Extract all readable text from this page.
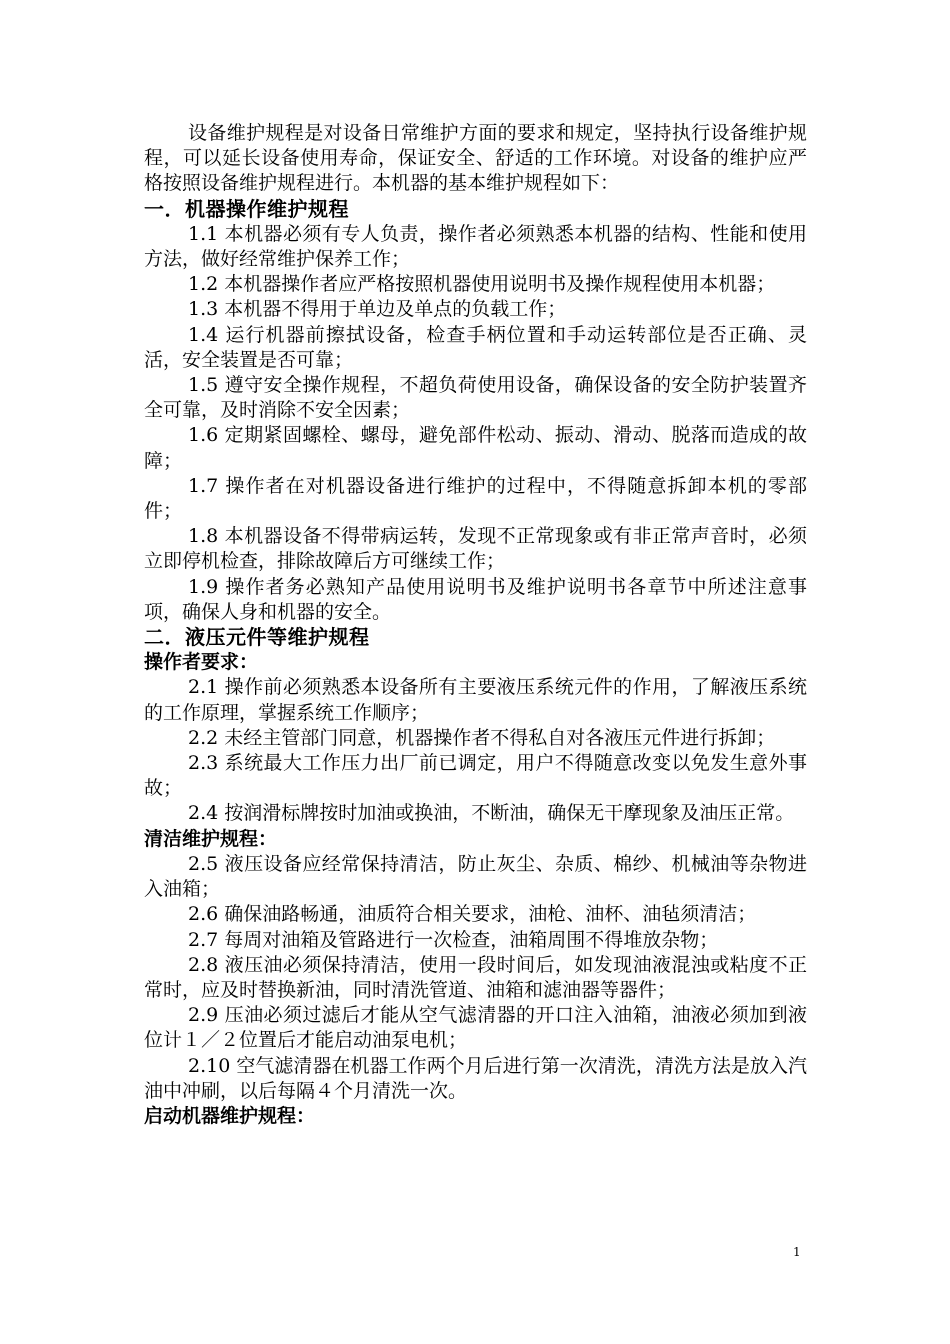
设备维护规程是对设备日常维护方面的要求和规定，坚持执行设备维护规程，可以延长设备使用寿命，保证安全、舒适的工作环境。对设备的维护应严格按照设备维护规程进行。本机器的基本维护规程如下：

一．机器操作维护规程

1.1 本机器必须有专人负责，操作者必须熟悉本机器的结构、性能和使用方法，做好经常维护保养工作；

1.2 本机器操作者应严格按照机器使用说明书及操作规程使用本机器；

1.3 本机器不得用于单边及单点的负载工作；

1.4 运行机器前擦拭设备，检查手柄位置和手动运转部位是否正确、灵活，安全装置是否可靠；

1.5 遵守安全操作规程，不超负荷使用设备，确保设备的安全防护装置齐全可靠，及时消除不安全因素；

1.6 定期紧固螺栓、螺母，避免部件松动、振动、滑动、脱落而造成的故障；

1.7 操作者在对机器设备进行维护的过程中，不得随意拆卸本机的零部件；

1.8 本机器设备不得带病运转，发现不正常现象或有非正常声音时，必须立即停机检查，排除故障后方可继续工作；

1.9 操作者务必熟知产品使用说明书及维护说明书各章节中所述注意事项，确保人身和机器的安全。

二．液压元件等维护规程

操作者要求：

2.1 操作前必须熟悉本设备所有主要液压系统元件的作用，了解液压系统的工作原理，掌握系统工作顺序；

2.2 未经主管部门同意，机器操作者不得私自对各液压元件进行拆卸；

2.3 系统最大工作压力出厂前已调定，用户不得随意改变以免发生意外事故；

2.4 按润滑标牌按时加油或换油，不断油，确保无干摩现象及油压正常。

清洁维护规程：

2.5 液压设备应经常保持清洁，防止灰尘、杂质、棉纱、机械油等杂物进入油箱；

2.6 确保油路畅通，油质符合相关要求，油枪、油杯、油毡须清洁；

2.7 每周对油箱及管路进行一次检查，油箱周围不得堆放杂物；

2.8 液压油必须保持清洁，使用一段时间后，如发现油液混浊或粘度不正常时，应及时替换新油，同时清洗管道、油箱和滤油器等器件；

2.9 压油必须过滤后才能从空气滤清器的开口注入油箱，油液必须加到液位计１／２位置后才能启动油泵电机；

2.10 空气滤清器在机器工作两个月后进行第一次清洗，清洗方法是放入汽油中冲刷，以后每隔４个月清洗一次。

启动机器维护规程：

1
